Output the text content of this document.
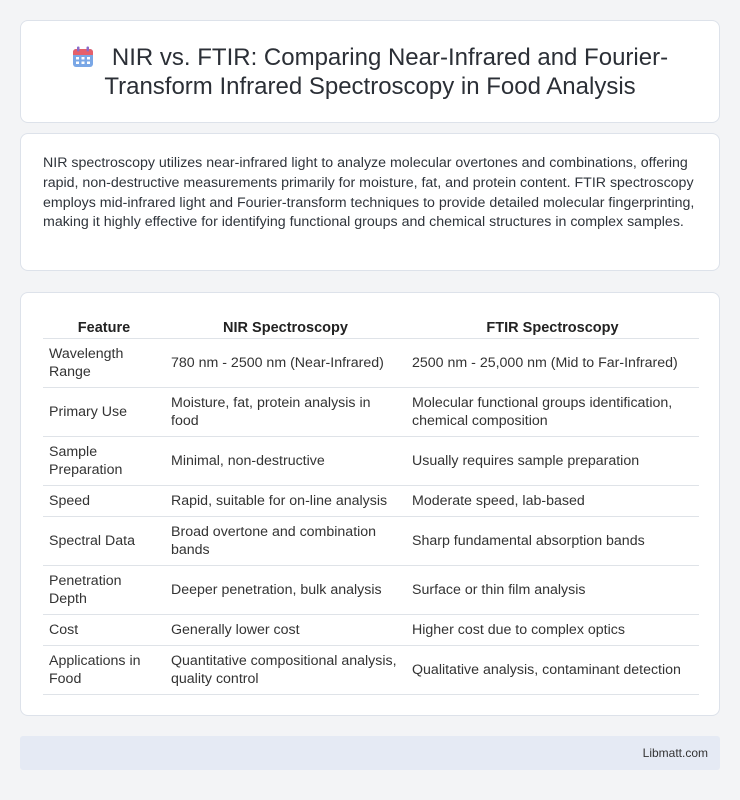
NIR vs. FTIR: Comparing Near-Infrared and Fourier-Transform Infrared Spectroscopy in Food Analysis

NIR spectroscopy utilizes near-infrared light to analyze molecular overtones and combinations, offering rapid, non-destructive measurements primarily for moisture, fat, and protein content. FTIR spectroscopy employs mid-infrared light and Fourier-transform techniques to provide detailed molecular fingerprinting, making it highly effective for identifying functional groups and chemical structures in complex samples.

Feature	NIR Spectroscopy	FTIR Spectroscopy
Wavelength Range	780 nm - 2500 nm (Near-Infrared)	2500 nm - 25,000 nm (Mid to Far-Infrared)
Primary Use	Moisture, fat, protein analysis in food	Molecular functional groups identification, chemical composition
Sample Preparation	Minimal, non-destructive	Usually requires sample preparation
Speed	Rapid, suitable for on-line analysis	Moderate speed, lab-based
Spectral Data	Broad overtone and combination bands	Sharp fundamental absorption bands
Penetration Depth	Deeper penetration, bulk analysis	Surface or thin film analysis
Cost	Generally lower cost	Higher cost due to complex optics
Applications in Food	Quantitative compositional analysis, quality control	Qualitative analysis, contaminant detection
Libmatt.com
